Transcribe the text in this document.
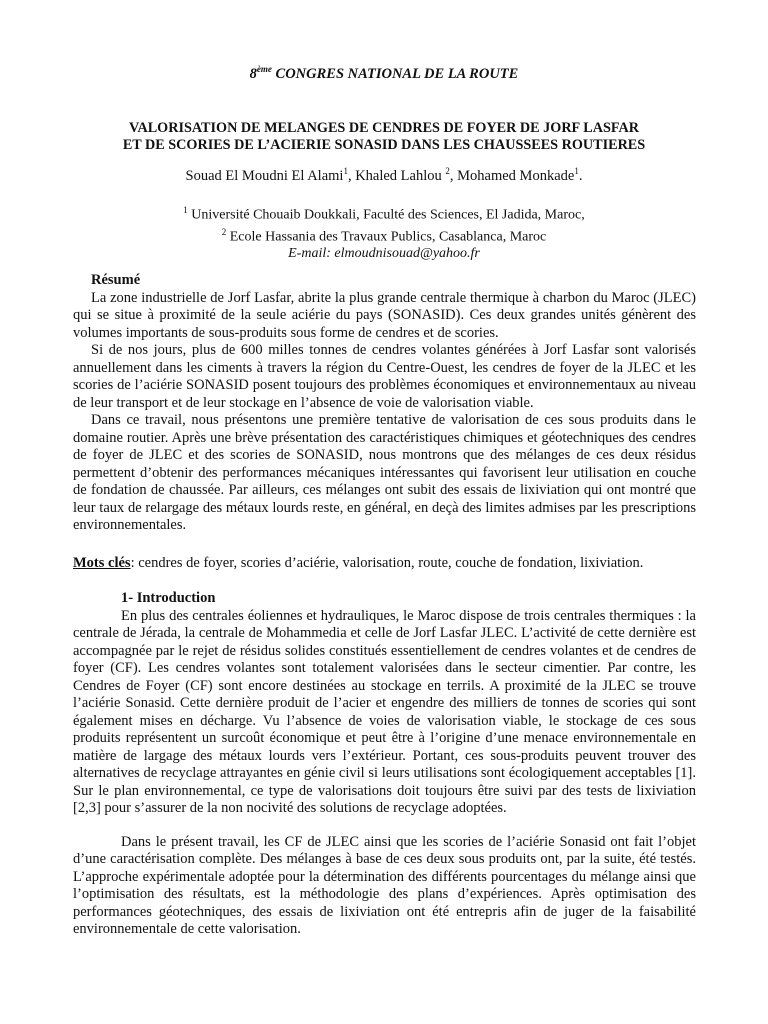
8ème CONGRES NATIONAL DE LA ROUTE
VALORISATION DE MELANGES DE CENDRES DE FOYER DE JORF LASFAR
ET DE SCORIES DE L’ACIERIE SONASID DANS LES CHAUSSEES ROUTIERES
Souad El Moudni El Alami$^1$, Khaled Lahlou $^2$, Mohamed Monkade$^1$.
$^1$ Université Chouaib Doukkali, Faculté des Sciences, El Jadida, Maroc,
$^2$ Ecole Hassania des Travaux Publics, Casablanca, Maroc
E-mail: elmoudnisouad@yahoo.fr

Résumé

La zone industrielle de Jorf Lasfar, abrite la plus grande centrale thermique à charbon du Maroc (JLEC) qui se situe à proximité de la seule aciérie du pays (SONASID). Ces deux grandes unités génèrent des volumes importants de sous-produits sous forme de cendres et de scories.

Si de nos jours, plus de 600 milles tonnes de cendres volantes générées à Jorf Lasfar sont valorisés annuellement dans les ciments à travers la région du Centre-Ouest, les cendres de foyer de la JLEC et les scories de l’aciérie SONASID posent toujours des problèmes économiques et environnementaux au niveau de leur transport et de leur stockage en l’absence de voie de valorisation viable.

Dans ce travail, nous présentons une première tentative de valorisation de ces sous produits dans le domaine routier. Après une brève présentation des caractéristiques chimiques et géotechniques des cendres de foyer de JLEC et des scories de SONASID, nous montrons que des mélanges de ces deux résidus permettent d’obtenir des performances mécaniques intéressantes qui favorisent leur utilisation en couche de fondation de chaussée. Par ailleurs, ces mélanges ont subit des essais de lixiviation qui ont montré que leur taux de relargage des métaux lourds reste, en général, en deçà des limites admises par les prescriptions environnementales.

Mots clés: cendres de foyer, scories d’aciérie, valorisation, route, couche de fondation, lixiviation.

1- Introduction

En plus des centrales éoliennes et hydrauliques, le Maroc dispose de trois centrales thermiques : la centrale de Jérada, la centrale de Mohammedia et celle de Jorf Lasfar JLEC. L’activité de cette dernière est accompagnée par le rejet de résidus solides constitués essentiellement de cendres volantes et de cendres de foyer (CF). Les cendres volantes sont totalement valorisées dans le secteur cimentier. Par contre, les Cendres de Foyer (CF) sont encore destinées au stockage en terrils. A proximité de la JLEC se trouve l’aciérie Sonasid. Cette dernière produit de l’acier et engendre des milliers de tonnes de scories qui sont également mises en décharge. Vu l’absence de voies de valorisation viable, le stockage de ces sous produits représentent un surcoût économique et peut être à l’origine d’une menace environnementale en matière de largage des métaux lourds vers l’extérieur. Portant, ces sous-produits peuvent trouver des alternatives de recyclage attrayantes en génie civil si leurs utilisations sont écologiquement acceptables [1]. Sur le plan environnemental, ce type de valorisations doit toujours être suivi par des tests de lixiviation [2,3] pour s’assurer de la non nocivité des solutions de recyclage adoptées.

Dans le présent travail, les CF de JLEC ainsi que les scories de l’aciérie Sonasid ont fait l’objet d’une caractérisation complète. Des mélanges à base de ces deux sous produits ont, par la suite, été testés. L’approche expérimentale adoptée pour la détermination des différents pourcentages du mélange ainsi que l’optimisation des résultats, est la méthodologie des plans d’expériences. Après optimisation des performances géotechniques, des essais de lixiviation ont été entrepris afin de juger de la faisabilité environnementale de cette valorisation.
